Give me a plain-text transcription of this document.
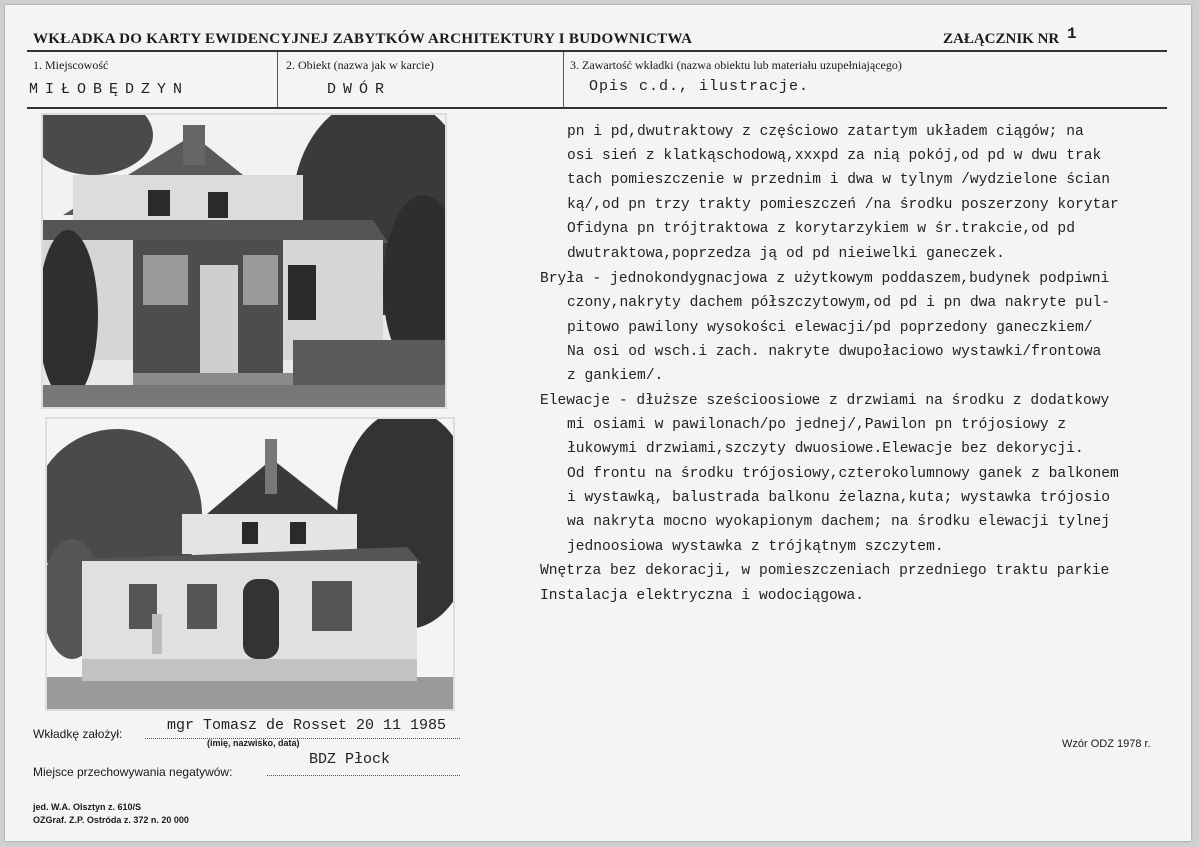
WKŁADKA DO KARTY EWIDENCYJNEJ ZABYTKÓW ARCHITEKTURY I BUDOWNICTWA	ZAŁĄCZNIK NR 1
1. Miejscowość
MIŁOBĘDZYN
2. Obiekt (nazwa jak w karcie)
DWÓR
3. Zawartość wkładki (nazwa obiektu lub materiału uzupełniającego)
Opis c.d., ilustracje.
pn i pd,dwutraktowy z częściowo zatartym układem ciągów; na
osi sień z klatkąschodową,xxxpd za nią pokój,od pd w dwu trak
tach pomieszczenie w przednim i dwa w tylnym /wydzielone ścian
ką/,od pn trzy trakty pomieszczeń /na środku poszerzony korytar
Ofidyna pn trójtraktowa z korytarzykiem w śr.trakcie,od pd
dwutraktowa,poprzedza ją od pd nieiwelki ganeczek.
Bryła - jednokondygnacjowa z użytkowym poddaszem,budynek podpiwni
czony,nakryty dachem półszczytowym,od pd i pn dwa nakryte pul-
pitowo pawilony wysokości elewacji/pd poprzedony ganeczkiem/
Na osi od wsch.i zach. nakryte dwupołaciowo wystawki/frontowa
z gankiem/.
Elewacje - dłuższe sześcioosiowe z drzwiami na środku z dodatkowy
mi osiami w pawilonach/po jednej/,Pawilon pn trójosiowy z
łukowymi drzwiami,szczyty dwuosiowe.Elewacje bez dekorycji.
Od frontu na środku trójosiowy,czterokolumnowy ganek z balkonem
i wystawką, balustrada balkonu żelazna,kuta; wystawka trójosio
wa nakryta mocno wyokapionym dachem; na środku elewacji tylnej
jednoosiowa wystawka z trójkątnym szczytem.
Wnętrza bez dekoracji, w pomieszczeniach przedniego traktu parkie
Instalacja elektryczna i wodociągowa.
Wkładkę założył:	mgr Tomasz de Rosset 20 11 1985
(imię, nazwisko, data)
Miejsce przechowywania negatywów:
BDZ Płock
Wzór ODZ 1978 r.
jed. W.A. Olsztyn z. 610/S
OZGraf. Z.P. Ostróda z. 372 n. 20 000
